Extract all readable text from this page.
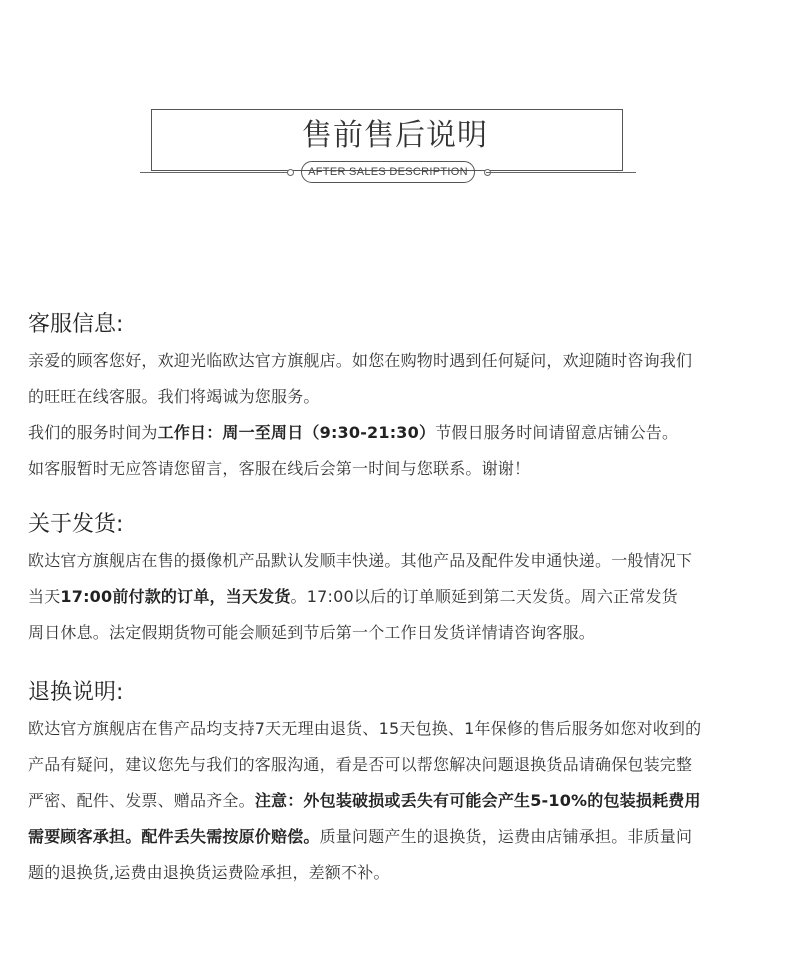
售前售后说明
AFTER SALES DESCRIPTION
客服信息:
亲爱的顾客您好，欢迎光临欧达官方旗舰店。如您在购物时遇到任何疑问，欢迎随时咨询我们
的旺旺在线客服。我们将竭诚为您服务。
我们的服务时间为工作日：周一至周日（9:30-21:30）节假日服务时间请留意店铺公告。
如客服暂时无应答请您留言，客服在线后会第一时间与您联系。谢谢！
关于发货:
欧达官方旗舰店在售的摄像机产品默认发顺丰快递。其他产品及配件发申通快递。一般情况下
当天17:00前付款的订单，当天发货。17:00以后的订单顺延到第二天发货。周六正常发货
周日休息。法定假期货物可能会顺延到节后第一个工作日发货详情请咨询客服。
退换说明:
欧达官方旗舰店在售产品均支持7天无理由退货、15天包换、1年保修的售后服务如您对收到的
产品有疑问，建议您先与我们的客服沟通，看是否可以帮您解决问题退换货品请确保包装完整
严密、配件、发票、赠品齐全。注意：外包装破损或丢失有可能会产生5-10%的包装损耗费用
需要顾客承担。配件丢失需按原价赔偿。质量问题产生的退换货，运费由店铺承担。非质量问
题的退换货,运费由退换货运费险承担，差额不补。
